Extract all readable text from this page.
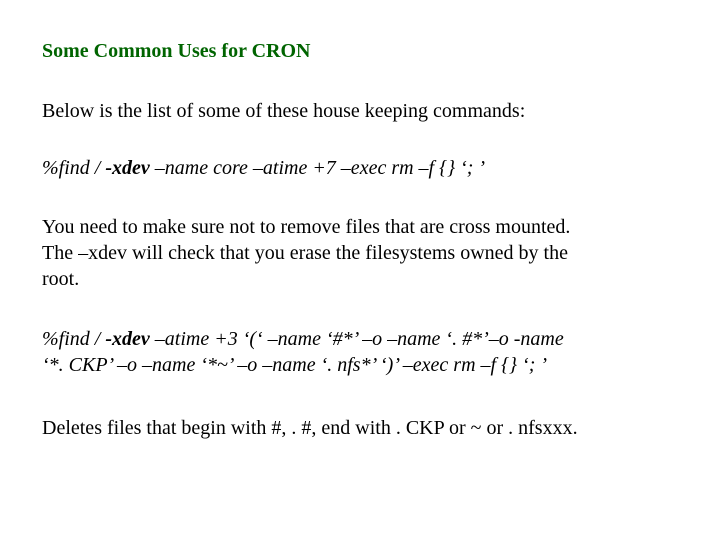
Some Common Uses for CRON
Below is the list of some of these house keeping commands:
%find / -xdev –name core –atime +7 –exec rm –f {} ‘; ’
You need to make sure not to remove files that are cross mounted.
The –xdev will check that you erase the filesystems owned by the
root.
%find / -xdev –atime +3 ‘(‘ –name ‘#*’ –o –name ‘. #*’–o -name
‘*. CKP’ –o –name ‘*~’ –o –name ‘. nfs*’ ‘)’ –exec rm –f {} ‘; ’
Deletes files that begin with #, . #, end with . CKP or ~ or . nfsxxx.
